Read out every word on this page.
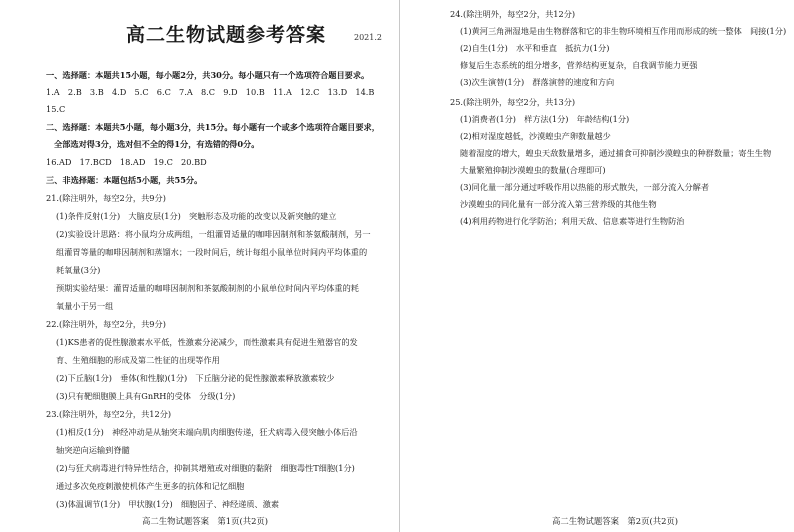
高二生物试题参考答案	2021.2
一、选择题：本题共15小题，每小题2分，共30分。每小题只有一个选项符合题目要求。
1.A　2.B　3.B　4.D　5.C　6.C　7.A　8.C　9.D　10.B　11.A　12.C　13.D　14.B
15.C
二、选择题：本题共5小题，每小题3分，共15分。每小题有一个或多个选项符合题目要求，
全部选对得3分，选对但不全的得1分，有选错的得0分。
16.AD　17.BCD　18.AD　19.C　20.BD
三、非选择题：本题包括5小题，共55分。
21.(除注明外，每空2分，共9分)
(1)条件反射(1分)　大脑皮层(1分)　突触形态及功能的改变以及新突触的建立
(2)实验设计思路：将小鼠均分成两组，一组灌胃适量的咖啡因制剂和茶氨酸制剂，另一
组灌胃等量的咖啡因制剂和蒸馏水；一段时间后，统计每组小鼠单位时间内平均体重的
耗氧量(3分)
预期实验结果：灌胃适量的咖啡因制剂和茶氨酸制剂的小鼠单位时间内平均体重的耗
氧量小于另一组
22.(除注明外，每空2分，共9分)
(1)KS患者的促性腺激素水平低，性激素分泌减少，而性激素具有促进生殖器官的发
育、生殖细胞的形成及第二性征的出现等作用
(2)下丘脑(1分)　垂体(和性腺)(1分)　下丘脑分泌的促性腺激素释放激素较少
(3)只有靶细胞膜上具有GnRH的受体　分级(1分)
23.(除注明外，每空2分，共12分)
(1)相反(1分)　神经冲动是从轴突末端向肌肉细胞传递，狂犬病毒入侵突触小体后沿
轴突逆向运输到脊髓
(2)与狂犬病毒进行特异性结合，抑制其增殖或对细胞的黏附　细胞毒性T细胞(1分)
通过多次免疫刺激使机体产生更多的抗体和记忆细胞
(3)体温调节(1分)　甲状腺(1分)　细胞因子、神经递质、激素
高二生物试题答案　第1页(共2页)
24.(除注明外，每空2分，共12分)
(1)黄河三角洲湿地是由生物群落和它的非生物环境相互作用而形成的统一整体　间接(1分)
(2)自生(1分)　水平和垂直　抵抗力(1分)
修复后生态系统的组分增多，营养结构更复杂，自我调节能力更强
(3)次生演替(1分)　群落演替的速度和方向
25.(除注明外，每空2分，共13分)
(1)消费者(1分)　样方法(1分)　年龄结构(1分)
(2)相对湿度越低，沙漠蝗虫产卵数量越少
随着湿度的增大，蝗虫天敌数量增多，通过捕食可抑制沙漠蝗虫的种群数量；寄生生物
大量繁殖抑制沙漠蝗虫的数量(合理即可)
(3)同化量一部分通过呼吸作用以热能的形式散失，一部分流入分解者
沙漠蝗虫的同化量有一部分流入第三营养级的其他生物
(4)利用药物进行化学防治；利用天敌、信息素等进行生物防治
高二生物试题答案　第2页(共2页)
